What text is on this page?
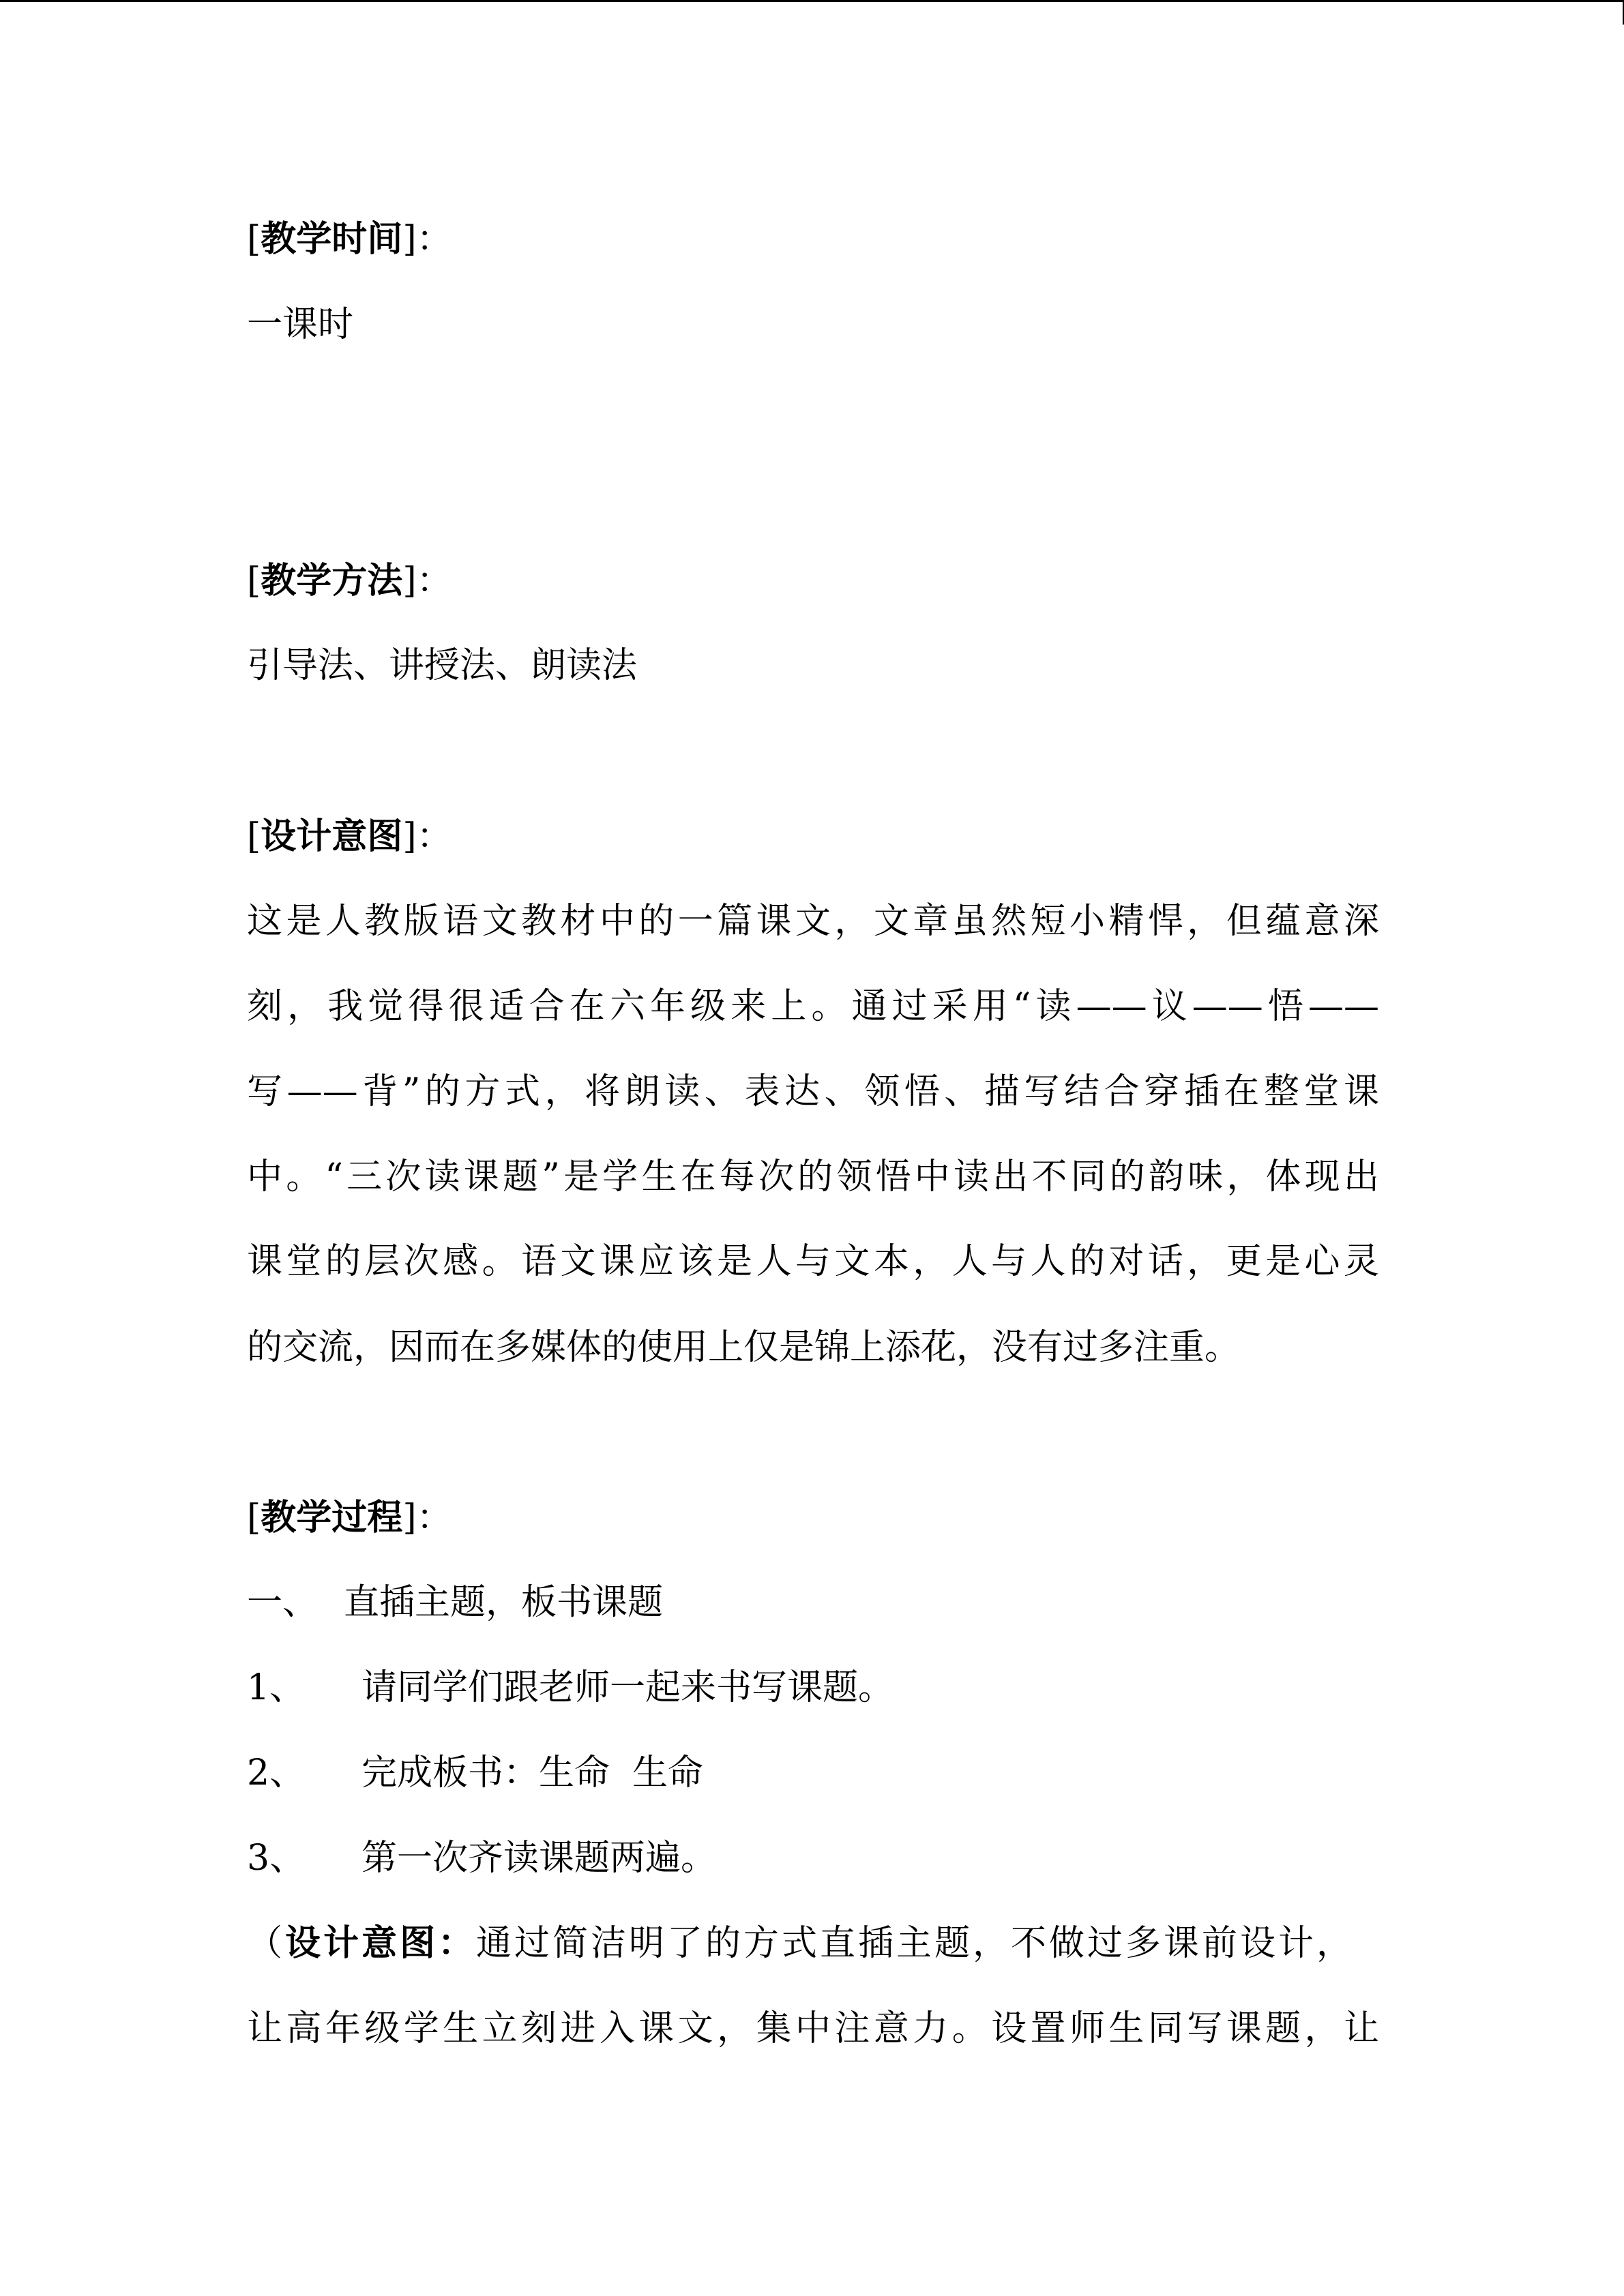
[教学时间]：
一课时
[教学方法]：
引导法、讲授法、朗读法
[设计意图]：
这是人教版语文教材中的一篇课文，文章虽然短小精悍，但蕴意深
刻，我觉得很适合在六年级来上。通过采用“读——议——悟——
写——背”的方式，将朗读、表达、领悟、描写结合穿插在整堂课
中。“三次读课题”是学生在每次的领悟中读出不同的韵味，体现出
课堂的层次感。语文课应该是人与文本，人与人的对话，更是心灵
的交流，因而在多媒体的使用上仅是锦上添花，没有过多注重。
[教学过程]：
一、 直插主题，板书课题
1、 请同学们跟老师一起来书写课题。
2、 完成板书：生命  生命
3、 第一次齐读课题两遍。
（设计意图：通过简洁明了的方式直插主题，不做过多课前设计，
让高年级学生立刻进入课文，集中注意力。设置师生同写课题，让
